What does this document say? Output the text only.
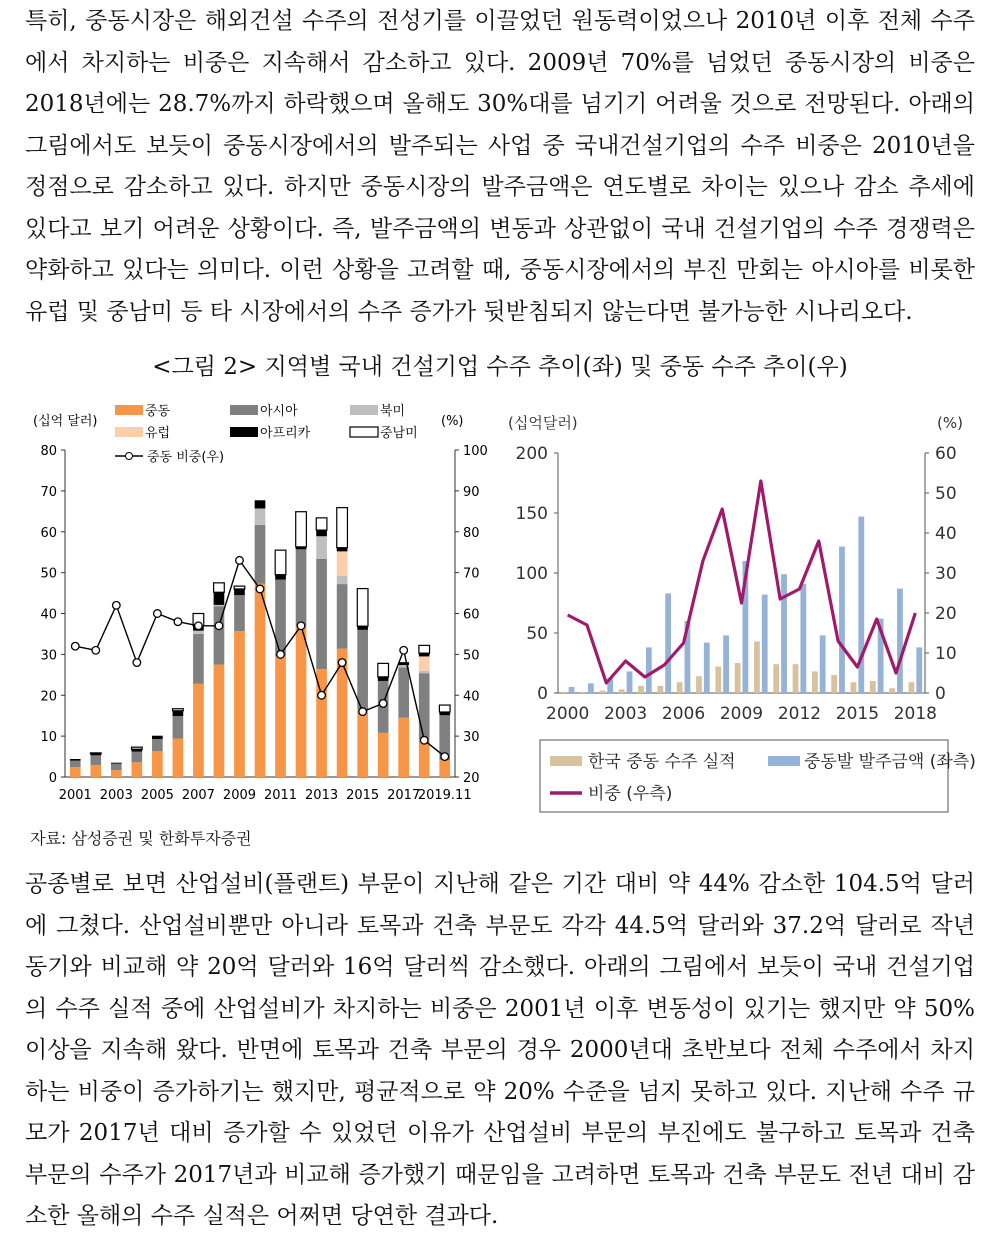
특히, 중동시장은 해외건설 수주의 전성기를 이끌었던 원동력이었으나 2010년 이후 전체 수주에서 차지하는 비중은 지속해서 감소하고 있다. 2009년 70%를 넘었던 중동시장의 비중은 2018년에는 28.7%까지 하락했으며 올해도 30%대를 넘기기 어려울 것으로 전망된다. 아래의 그림에서도 보듯이 중동시장에서의 발주되는 사업 중 국내건설기업의 수주 비중은 2010년을 정점으로 감소하고 있다. 하지만 중동시장의 발주금액은 연도별로 차이는 있으나 감소 추세에 있다고 보기 어려운 상황이다. 즉, 발주금액의 변동과 상관없이 국내 건설기업의 수주 경쟁력은 약화하고 있다는 의미다. 이런 상황을 고려할 때, 중동시장에서의 부진 만회는 아시아를 비롯한 유럽 및 중남미 등 타 시장에서의 수주 증가가 뒷받침되지 않는다면 불가능한 시나리오다.
<그림 2> 지역별 국내 건설기업 수주 추이(좌) 및 중동 수주 추이(우)
0
10
20
30
40
50
60
70
80
20
30
40
50
60
70
80
90
100
(십억 달러)	(%)
2001 2003 2005 2007 2009 2011 2013 2015 2017
2019.11
중동	아시아	북미
유럽	아프리카	중남미
중동 비중(우)
0
50
100
150
200
0
10
20
30
40
50
60
(십억달러)	(%)
2000 2003 2006 2009 2012 2015 2018
한국 중동 수주 실적	중동발 발주금액 (좌측)
비중 (우측)
자료: 삼성증권 및 한화투자증권
공종별로 보면 산업설비(플랜트) 부문이 지난해 같은 기간 대비 약 44% 감소한 104.5억 달러에 그쳤다. 산업설비뿐만 아니라 토목과 건축 부문도 각각 44.5억 달러와 37.2억 달러로 작년 동기와 비교해 약 20억 달러와 16억 달러씩 감소했다. 아래의 그림에서 보듯이 국내 건설기업의 수주 실적 중에 산업설비가 차지하는 비중은 2001년 이후 변동성이 있기는 했지만 약 50% 이상을 지속해 왔다. 반면에 토목과 건축 부문의 경우 2000년대 초반보다 전체 수주에서 차지하는 비중이 증가하기는 했지만, 평균적으로 약 20% 수준을 넘지 못하고 있다. 지난해 수주 규모가 2017년 대비 증가할 수 있었던 이유가 산업설비 부문의 부진에도 불구하고 토목과 건축 부문의 수주가 2017년과 비교해 증가했기 때문임을 고려하면 토목과 건축 부문도 전년 대비 감소한 올해의 수주 실적은 어쩌면 당연한 결과다.
